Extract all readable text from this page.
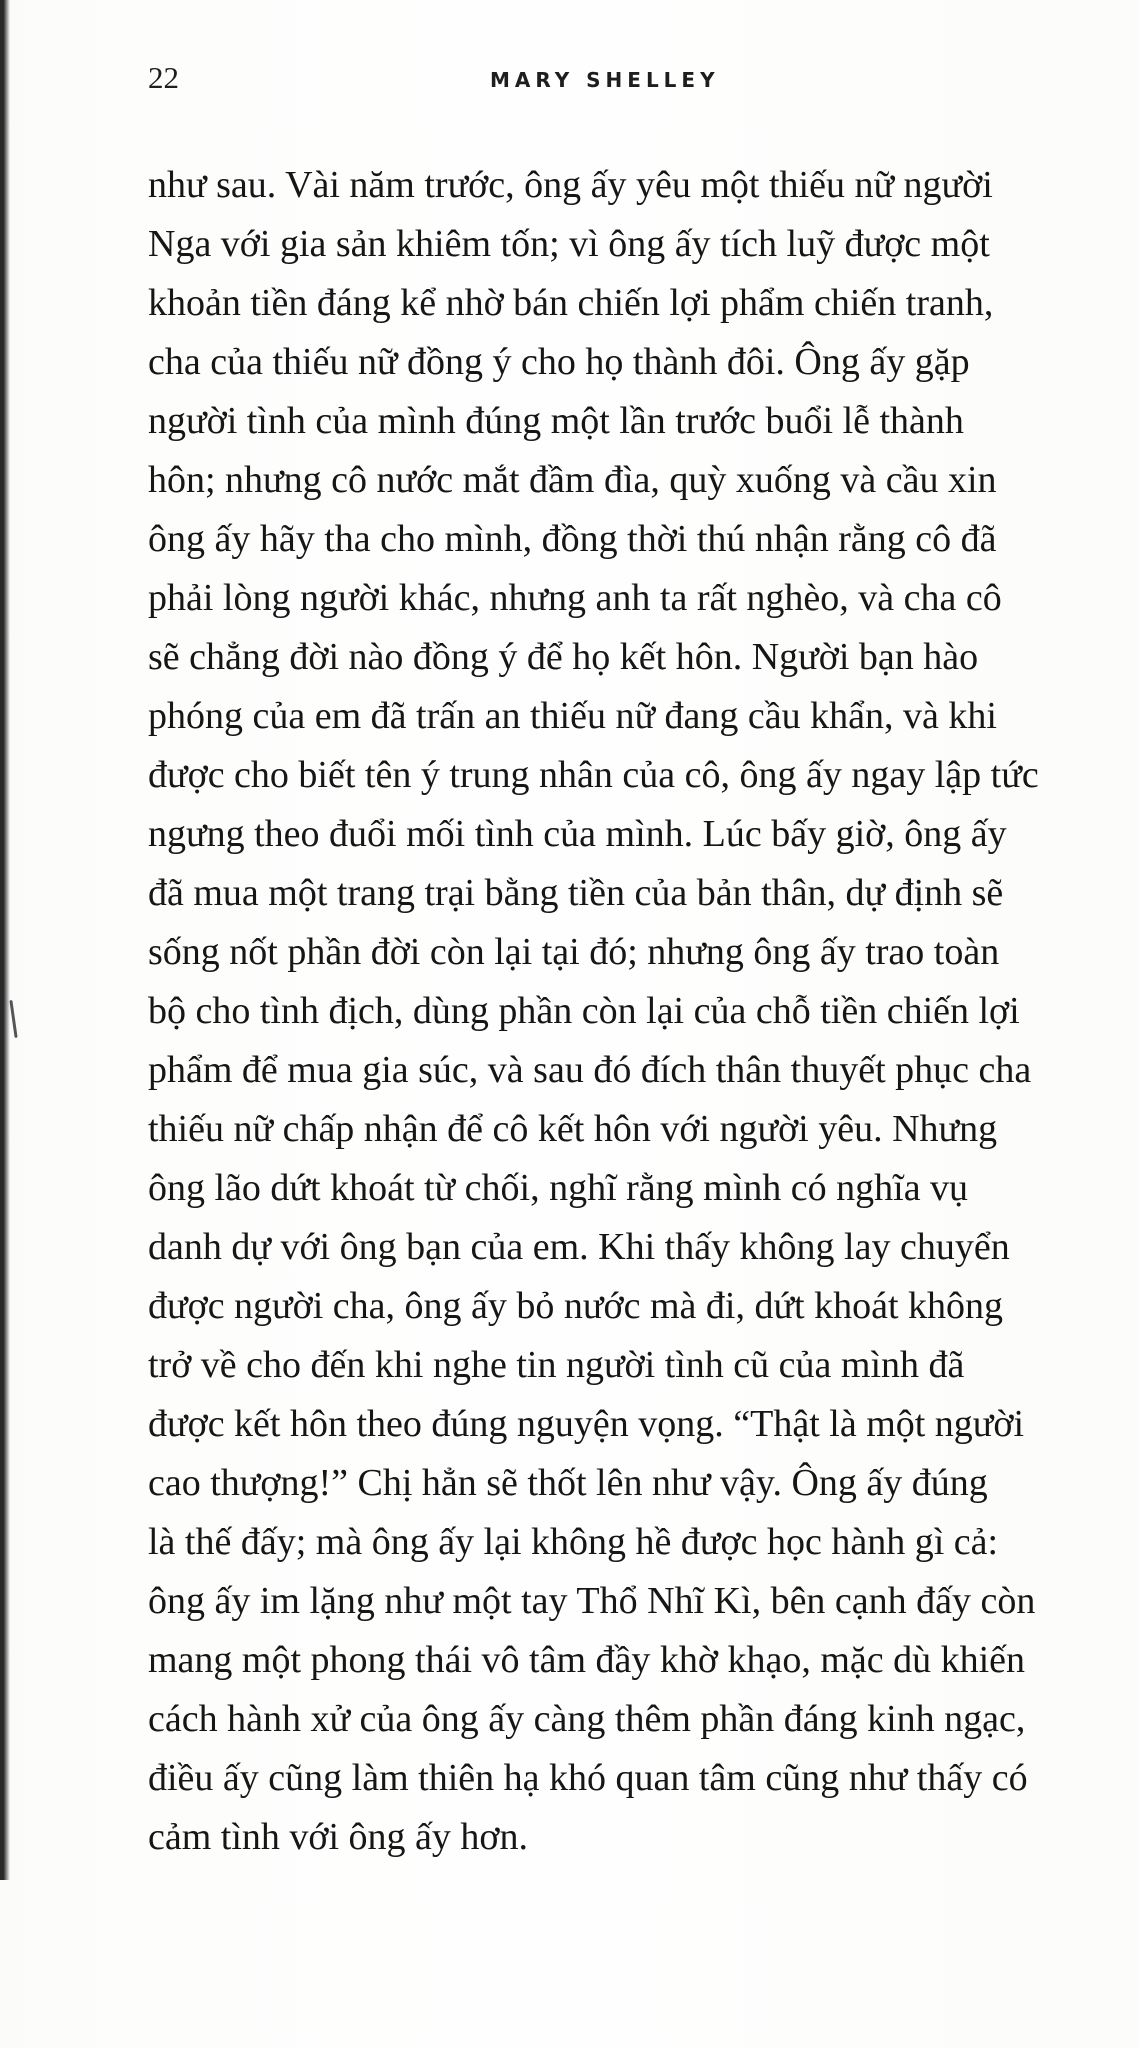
22	MARY SHELLEY
như sau. Vài năm trước, ông ấy yêu một thiếu nữ người
Nga với gia sản khiêm tốn; vì ông ấy tích luỹ được một
khoản tiền đáng kể nhờ bán chiến lợi phẩm chiến tranh,
cha của thiếu nữ đồng ý cho họ thành đôi. Ông ấy gặp
người tình của mình đúng một lần trước buổi lễ thành
hôn; nhưng cô nước mắt đầm đìa, quỳ xuống và cầu xin
ông ấy hãy tha cho mình, đồng thời thú nhận rằng cô đã
phải lòng người khác, nhưng anh ta rất nghèo, và cha cô
sẽ chẳng đời nào đồng ý để họ kết hôn. Người bạn hào
phóng của em đã trấn an thiếu nữ đang cầu khẩn, và khi
được cho biết tên ý trung nhân của cô, ông ấy ngay lập tức
ngưng theo đuổi mối tình của mình. Lúc bấy giờ, ông ấy
đã mua một trang trại bằng tiền của bản thân, dự định sẽ
sống nốt phần đời còn lại tại đó; nhưng ông ấy trao toàn
bộ cho tình địch, dùng phần còn lại của chỗ tiền chiến lợi
phẩm để mua gia súc, và sau đó đích thân thuyết phục cha
thiếu nữ chấp nhận để cô kết hôn với người yêu. Nhưng
ông lão dứt khoát từ chối, nghĩ rằng mình có nghĩa vụ
danh dự với ông bạn của em. Khi thấy không lay chuyển
được người cha, ông ấy bỏ nước mà đi, dứt khoát không
trở về cho đến khi nghe tin người tình cũ của mình đã
được kết hôn theo đúng nguyện vọng. “Thật là một người
cao thượng!” Chị hẳn sẽ thốt lên như vậy. Ông ấy đúng
là thế đấy; mà ông ấy lại không hề được học hành gì cả:
ông ấy im lặng như một tay Thổ Nhĩ Kì, bên cạnh đấy còn
mang một phong thái vô tâm đầy khờ khạo, mặc dù khiến
cách hành xử của ông ấy càng thêm phần đáng kinh ngạc,
điều ấy cũng làm thiên hạ khó quan tâm cũng như thấy có
cảm tình với ông ấy hơn.
